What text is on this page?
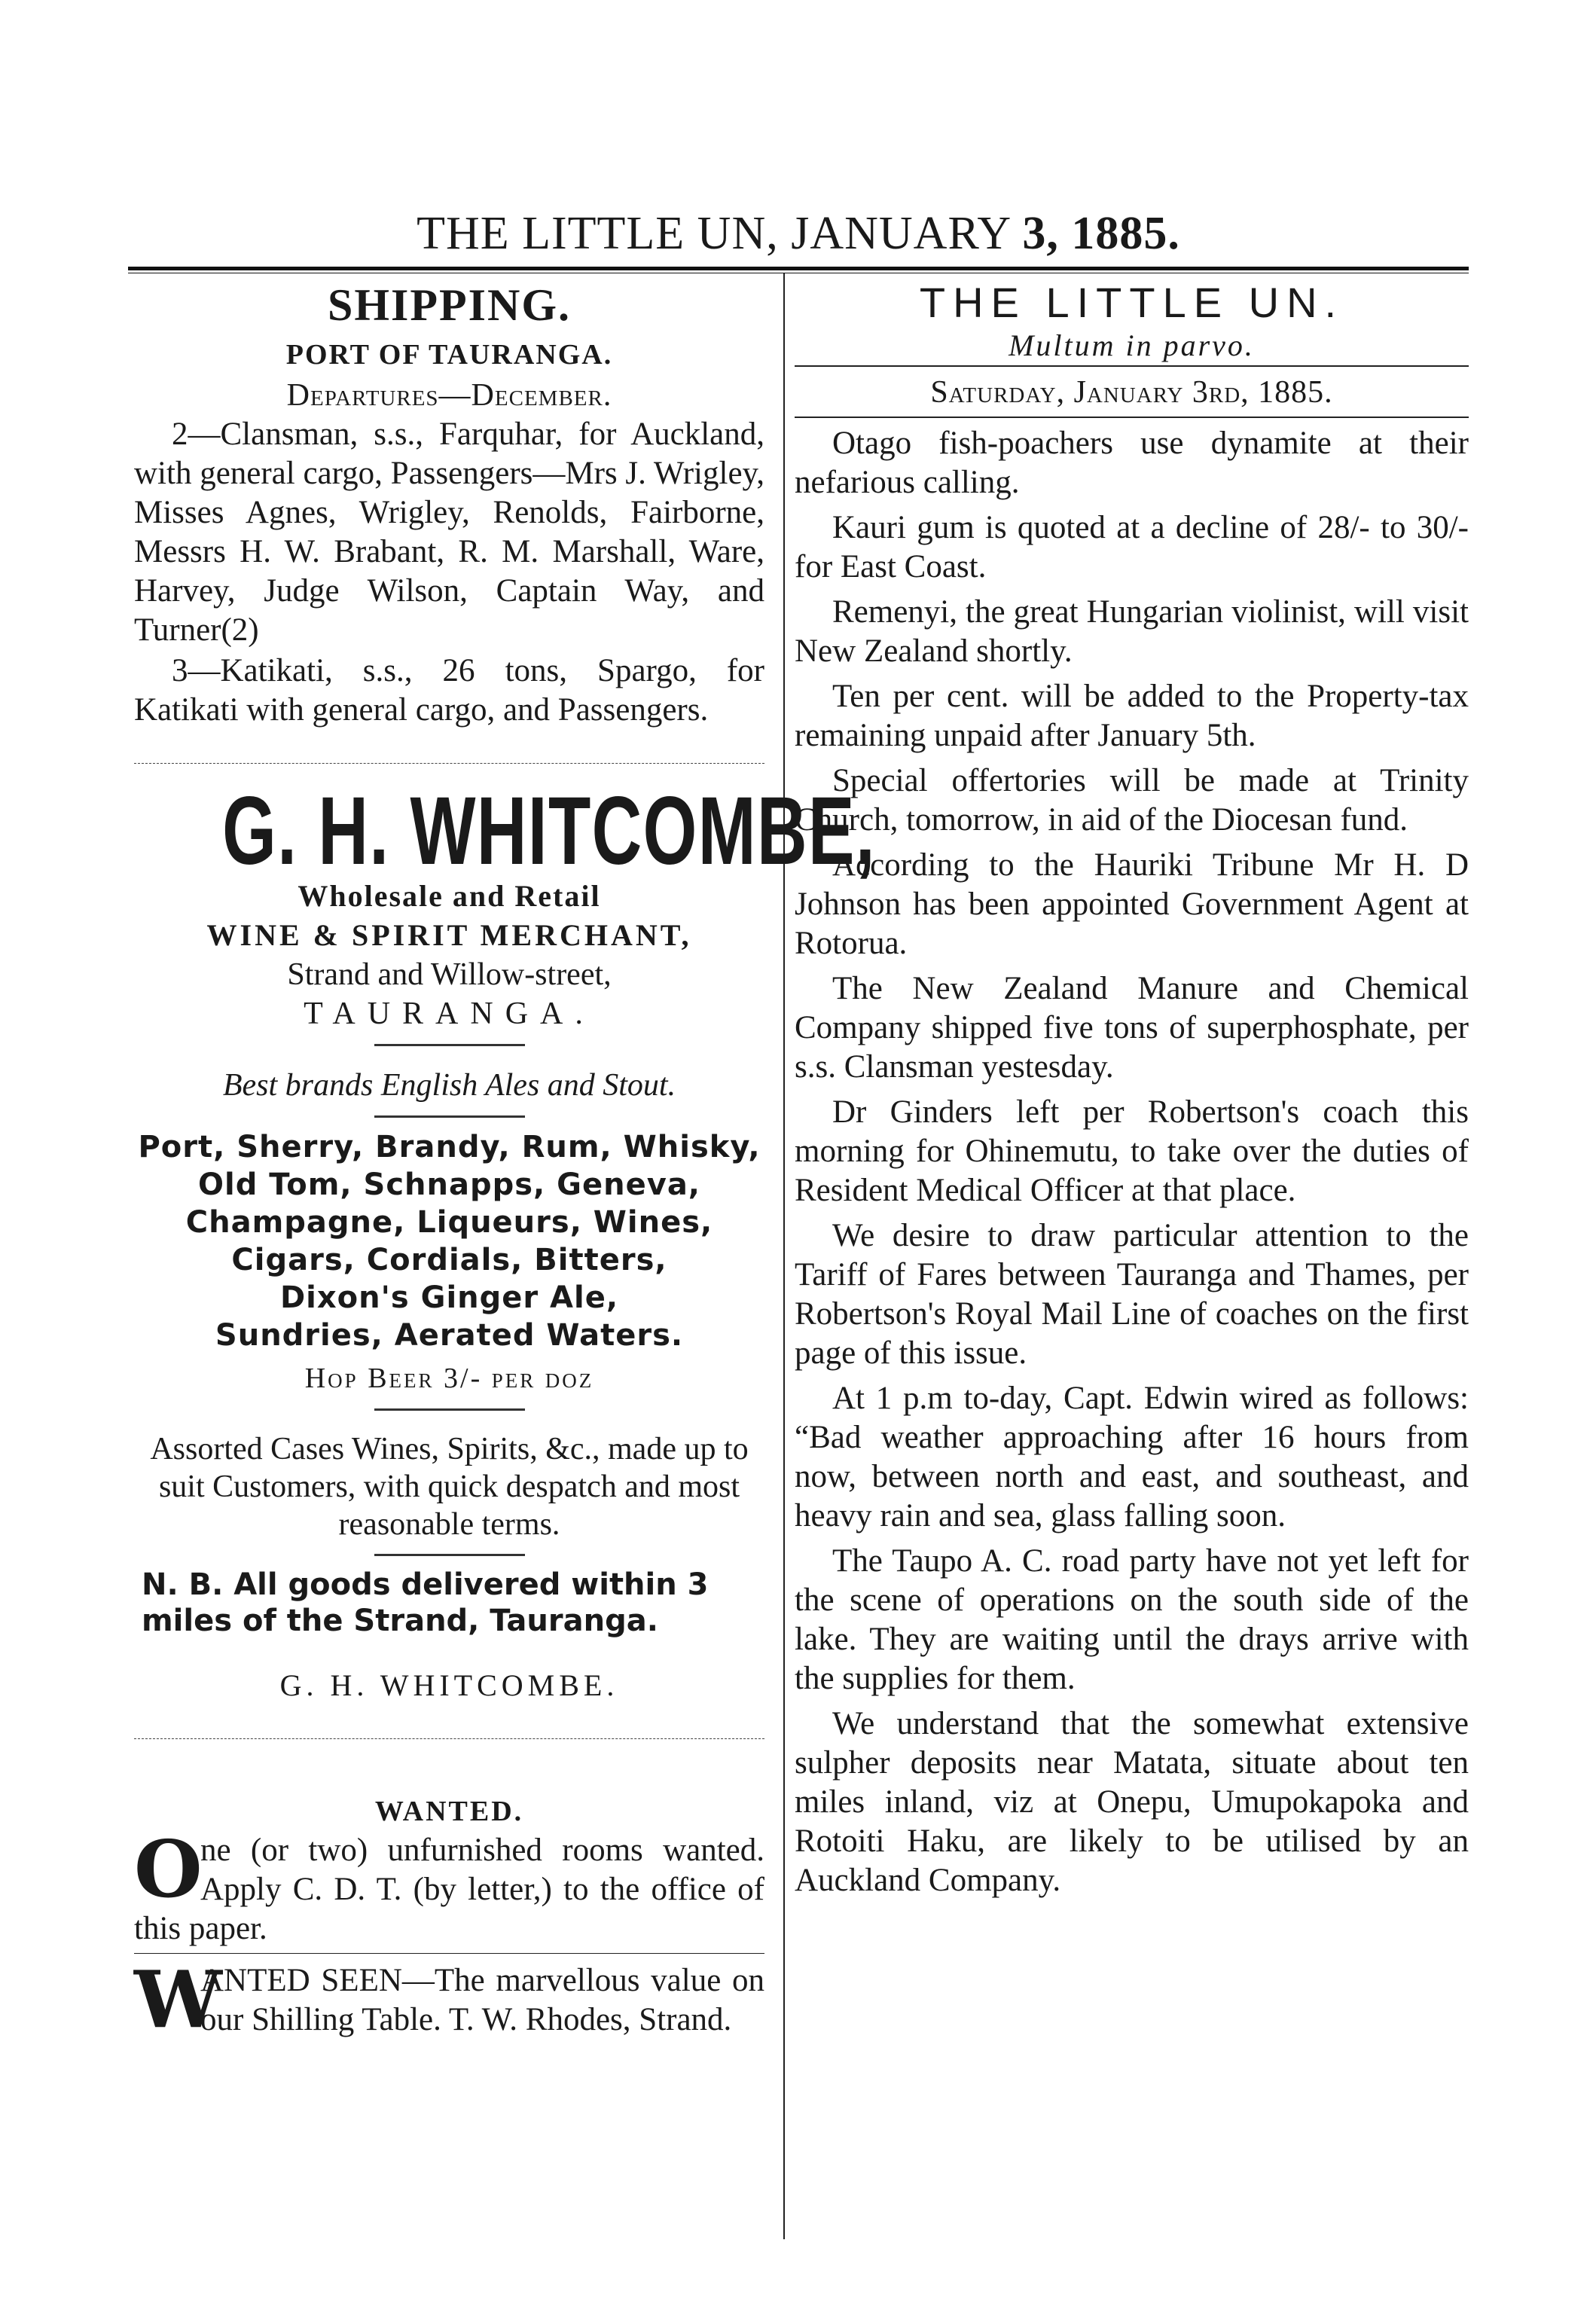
THE LITTLE UN, JANUARY 3, 1885.
SHIPPING.
PORT OF TAURANGA.
Departures—December.

2—Clansman, s.s., Farquhar, for Auckland, with general cargo, Passengers—Mrs J. Wrigley, Misses Agnes, Wrigley, Renolds, Fairborne, Messrs H. W. Brabant, R. M. Marshall, Ware, Harvey, Judge Wilson, Captain Way, and Turner(2)

3—Katikati, s.s., 26 tons, Spargo, for Katikati with general cargo, and Passengers.

G. H. WHITCOMBE,
Wholesale and Retail
WINE & SPIRIT MERCHANT,
Strand and Willow-street,
TAURANGA.
Best brands English Ales and Stout.
Port, Sherry, Brandy, Rum, Whisky,
Old Tom, Schnapps, Geneva,
Champagne, Liqueurs, Wines,
Cigars, Cordials, Bitters,
Dixon's Ginger Ale,
Sundries, Aerated Waters.
Hop Beer 3/- per doz
Assorted Cases Wines, Spirits, &c., made up to suit Customers, with quick despatch and most reasonable terms.
N. B. All goods delivered within 3 miles of the Strand, Tauranga.
G. H. WHITCOMBE.
WANTED.
O
ne (or two) unfurnished rooms wanted. Apply C. D. T. (by letter,) to the office of this paper.
W
ANTED SEEN—The marvellous value on our Shilling Table. T. W. Rhodes, Strand.
THE LITTLE UN.
Multum in parvo.
Saturday, January 3rd, 1885.

Otago fish-poachers use dynamite at their nefarious calling.

Kauri gum is quoted at a decline of 28/- to 30/- for East Coast.

Remenyi, the great Hungarian violinist, will visit New Zealand shortly.

Ten per cent. will be added to the Property-tax remaining unpaid after January 5th.

Special offertories will be made at Trinity Church, tomorrow, in aid of the Diocesan fund.

According to the Hauriki Tribune Mr H. D Johnson has been appointed Government Agent at Rotorua.

The New Zealand Manure and Chemical Company shipped five tons of superphosphate, per s.s. Clansman yestesday.

Dr Ginders left per Robertson's coach this morning for Ohinemutu, to take over the duties of Resident Medical Officer at that place.

We desire to draw particular attention to the Tariff of Fares between Tauranga and Thames, per Robertson's Royal Mail Line of coaches on the first page of this issue.

At 1 p.m to-day, Capt. Edwin wired as follows: “Bad weather approaching after 16 hours from now, between north and east, and southeast, and heavy rain and sea, glass falling soon.

The Taupo A. C. road party have not yet left for the scene of operations on the south side of the lake. They are waiting until the drays arrive with the supplies for them.

We understand that the somewhat extensive sulpher deposits near Matata, situate about ten miles inland, viz at Onepu, Umupokapoka and Rotoiti Haku, are likely to be utilised by an Auckland Company.
